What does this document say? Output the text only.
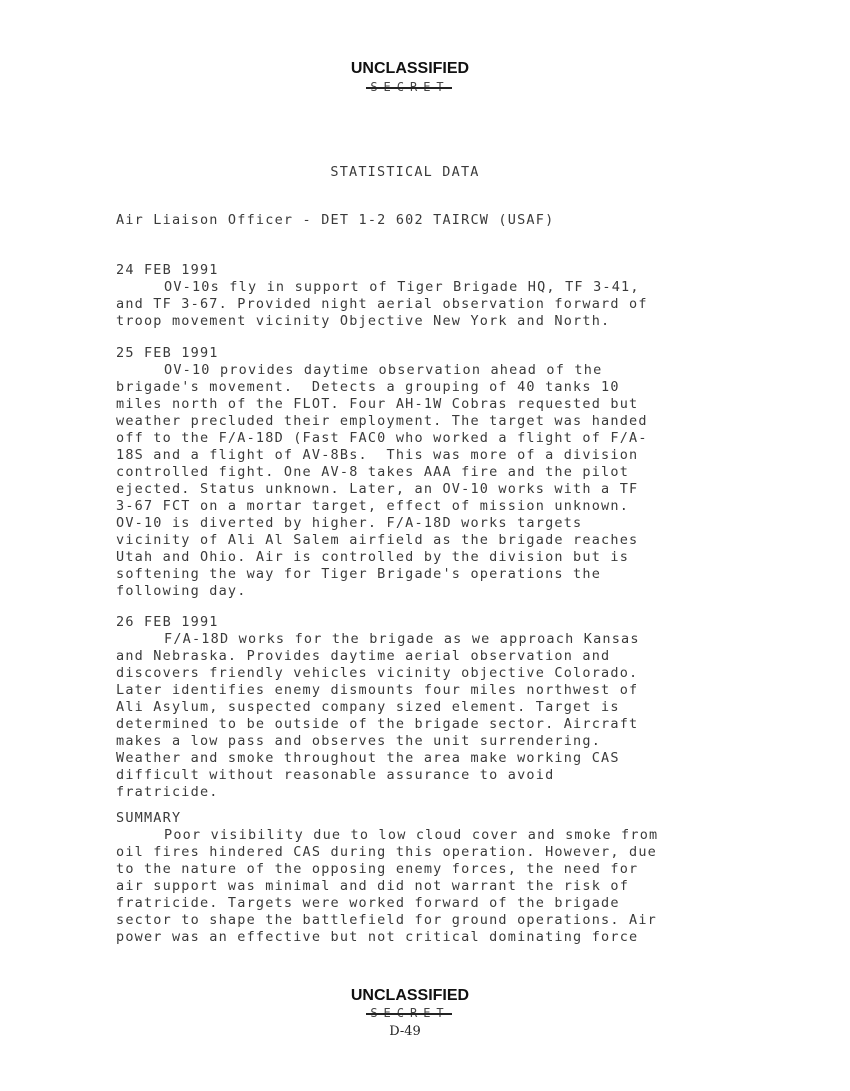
UNCLASSIFIED
SECRET
STATISTICAL DATA
Air Liaison Officer - DET 1-2 602 TAIRCW (USAF)
24 FEB 1991
OV-10s fly in support of Tiger Brigade HQ, TF 3-41,
and TF 3-67. Provided night aerial observation forward of
troop movement vicinity Objective New York and North.
25 FEB 1991
OV-10 provides daytime observation ahead of the
brigade's movement.  Detects a grouping of 40 tanks 10
miles north of the FLOT. Four AH-1W Cobras requested but
weather precluded their employment. The target was handed
off to the F/A-18D (Fast FAC0 who worked a flight of F/A-
18S and a flight of AV-8Bs.  This was more of a division
controlled fight. One AV-8 takes AAA fire and the pilot
ejected. Status unknown. Later, an OV-10 works with a TF
3-67 FCT on a mortar target, effect of mission unknown.
OV-10 is diverted by higher. F/A-18D works targets
vicinity of Ali Al Salem airfield as the brigade reaches
Utah and Ohio. Air is controlled by the division but is
softening the way for Tiger Brigade's operations the
following day.
26 FEB 1991
F/A-18D works for the brigade as we approach Kansas
and Nebraska. Provides daytime aerial observation and
discovers friendly vehicles vicinity objective Colorado.
Later identifies enemy dismounts four miles northwest of
Ali Asylum, suspected company sized element. Target is
determined to be outside of the brigade sector. Aircraft
makes a low pass and observes the unit surrendering.
Weather and smoke throughout the area make working CAS
difficult without reasonable assurance to avoid
fratricide.
SUMMARY
Poor visibility due to low cloud cover and smoke from
oil fires hindered CAS during this operation. However, due
to the nature of the opposing enemy forces, the need for
air support was minimal and did not warrant the risk of
fratricide. Targets were worked forward of the brigade
sector to shape the battlefield for ground operations. Air
power was an effective but not critical dominating force
UNCLASSIFIED
SECRET
D-49
